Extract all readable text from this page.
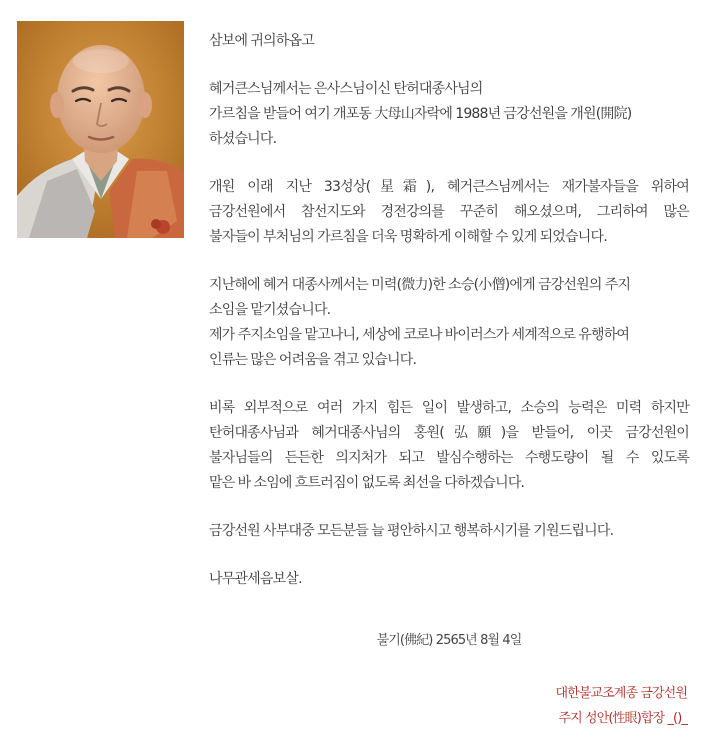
삼보에 귀의하옵고

혜거큰스님께서는 은사스님이신 탄허대종사님의
가르침을 받들어 여기 개포동 大母山자락에 1988년 금강선원을 개원(開院)
하셨습니다.

개원 이래 지난 33성상(星霜), 혜거큰스님께서는 재가불자들을 위하여
금강선원에서 참선지도와 경전강의를 꾸준히 해오셨으며, 그리하여 많은
불자들이 부처님의 가르침을 더욱 명확하게 이해할 수 있게 되었습니다.

지난해에 혜거 대종사께서는 미력(微力)한 소승(小僧)에게 금강선원의 주지
소임을 맡기셨습니다.
제가 주지소임을 맡고나니, 세상에 코로나 바이러스가 세계적으로 유행하여
인류는 많은 어려움을 겪고 있습니다.

비록 외부적으로 여러 가지 힘든 일이 발생하고, 소승의 능력은 미력 하지만
탄허대종사님과 혜거대종사님의 홍원(弘願)을 받들어, 이곳 금강선원이
불자님들의 든든한 의지처가 되고 발심수행하는 수행도량이 될 수 있도록
맡은 바 소임에 흐트러짐이 없도록 최선을 다하겠습니다.

금강선원 사부대중 모든분들 늘 평안하시고 행복하시기를 기원드립니다.

나무관세음보살.

불기(佛紀) 2565년 8월 4일
대한불교조계종 금강선원
주지 성안(性眼)합장 _()_
